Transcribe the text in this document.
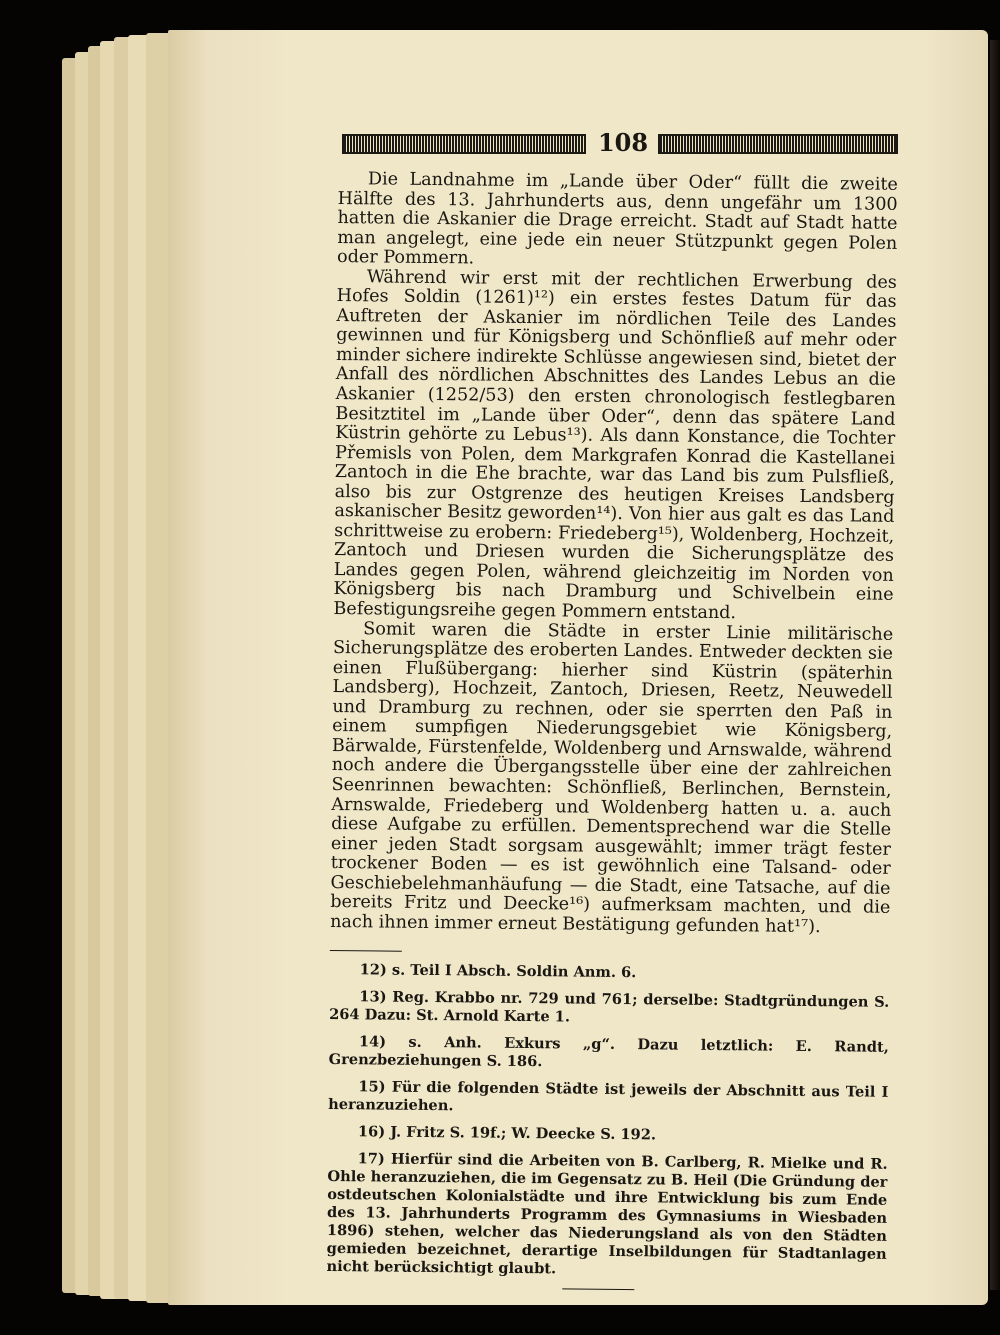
108

Die Landnahme im „Lande über Oder“ füllt die zweite Hälfte des 13. Jahrhunderts aus, denn ungefähr um 1300 hatten die Askanier die Drage erreicht. Stadt auf Stadt hatte man angelegt, eine jede ein neuer Stützpunkt gegen Polen oder Pommern.

Während wir erst mit der rechtlichen Erwerbung des Hofes Soldin (1261)¹²) ein erstes festes Datum für das Auftreten der Askanier im nördlichen Teile des Landes gewinnen und für Königsberg und Schönfließ auf mehr oder minder sichere indirekte Schlüsse angewiesen sind, bietet der Anfall des nördlichen Abschnittes des Landes Lebus an die Askanier (1252/53) den ersten chronologisch festlegbaren Besitztitel im „Lande über Oder“, denn das spätere Land Küstrin gehörte zu Lebus¹³). Als dann Konstance, die Tochter Přemisls von Polen, dem Markgrafen Konrad die Kastellanei Zantoch in die Ehe brachte, war das Land bis zum Pulsfließ, also bis zur Ostgrenze des heutigen Kreises Landsberg askanischer Besitz geworden¹⁴). Von hier aus galt es das Land schrittweise zu erobern: Friedeberg¹⁵), Woldenberg, Hochzeit, Zantoch und Driesen wurden die Sicherungsplätze des Landes gegen Polen, während gleichzeitig im Norden von Königsberg bis nach Dramburg und Schivelbein eine Befestigungsreihe gegen Pommern entstand.

Somit waren die Städte in erster Linie militärische Sicherungsplätze des eroberten Landes. Entweder deckten sie einen Flußübergang: hierher sind Küstrin (späterhin Landsberg), Hochzeit, Zantoch, Driesen, Reetz, Neuwedell und Dramburg zu rechnen, oder sie sperrten den Paß in einem sumpfigen Niederungsgebiet wie Königsberg, Bärwalde, Fürstenfelde, Woldenberg und Arnswalde, während noch andere die Übergangsstelle über eine der zahlreichen Seenrinnen bewachten: Schönfließ, Berlinchen, Bernstein, Arnswalde, Friedeberg und Woldenberg hatten u. a. auch diese Aufgabe zu erfüllen. Dementsprechend war die Stelle einer jeden Stadt sorgsam ausgewählt; immer trägt fester trockener Boden — es ist gewöhnlich eine Talsand- oder Geschiebelehmanhäufung — die Stadt, eine Tatsache, auf die bereits Fritz und Deecke¹⁶) aufmerksam machten, und die nach ihnen immer erneut Bestätigung gefunden hat¹⁷).

12) s. Teil I Absch. Soldin Anm. 6.

13) Reg. Krabbo nr. 729 und 761; derselbe: Stadtgründungen S. 264 Dazu: St. Arnold Karte 1.

14) s. Anh. Exkurs „g“. Dazu letztlich: E. Randt, Grenzbeziehungen S. 186.

15) Für die folgenden Städte ist jeweils der Abschnitt aus Teil I heranzuziehen.

16) J. Fritz S. 19f.; W. Deecke S. 192.

17) Hierfür sind die Arbeiten von B. Carlberg, R. Mielke und R. Ohle heranzuziehen, die im Gegensatz zu B. Heil (Die Gründung der ostdeutschen Kolonialstädte und ihre Entwicklung bis zum Ende des 13. Jahrhunderts Programm des Gymnasiums in Wiesbaden 1896) stehen, welcher das Niederungsland als von den Städten gemieden bezeichnet, derartige Inselbildungen für Stadtanlagen nicht berücksichtigt glaubt.
